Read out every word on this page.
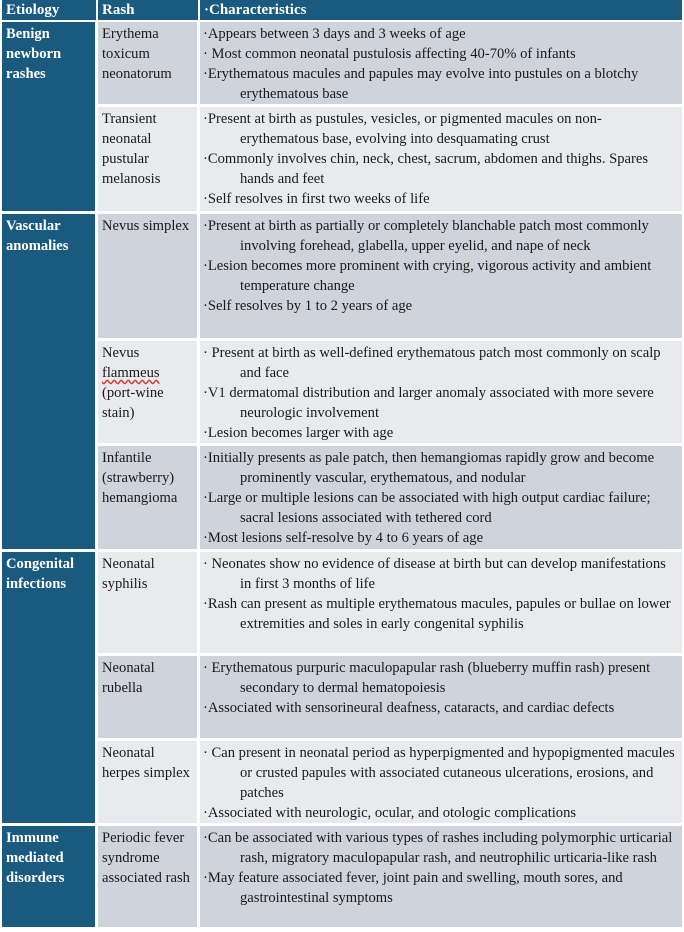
Etiology	Rash	·Characteristics
Benign newborn rashes	Erythema toxicum neonatorum	·Appears between 3 days and 3 weeks of age
· Most common neonatal pustulosis affecting 40-70% of infants
·Erythematous macules and papules may evolve into pustules on a blotchy erythematous base

	Transient neonatal pustular melanosis	·Present at birth as pustules, vesicles, or pigmented macules on non-erythematous base, evolving into desquamating crust
·Commonly involves chin, neck, chest, sacrum, abdomen and thighs. Spares hands and feet
·Self resolves in first two weeks of life

Vascular anomalies	Nevus simplex	·Present at birth as partially or completely blanchable patch most commonly involving forehead, glabella, upper eyelid, and nape of neck
·Lesion becomes more prominent with crying, vigorous activity and ambient temperature change
·Self resolves by 1 to 2 years of age

	Nevus flammeus (port-wine stain)	· Present at birth as well-defined erythematous patch most commonly on scalp and face
·V1 dermatomal distribution and larger anomaly associated with more severe neurologic involvement
·Lesion becomes larger with age

	Infantile (strawberry) hemangioma	·Initially presents as pale patch, then hemangiomas rapidly grow and become prominently vascular, erythematous, and nodular
·Large or multiple lesions can be associated with high output cardiac failure; sacral lesions associated with tethered cord
·Most lesions self-resolve by 4 to 6 years of age

Congenital infections	Neonatal syphilis	· Neonates show no evidence of disease at birth but can develop manifestations in first 3 months of life
·Rash can present as multiple erythematous macules, papules or bullae on lower extremities and soles in early congenital syphilis

	Neonatal rubella	· Erythematous purpuric maculopapular rash (blueberry muffin rash) present secondary to dermal hematopoiesis
·Associated with sensorineural deafness, cataracts, and cardiac defects

	Neonatal herpes simplex	· Can present in neonatal period as hyperpigmented and hypopigmented macules or crusted papules with associated cutaneous ulcerations, erosions, and patches
·Associated with neurologic, ocular, and otologic complications

Immune mediated disorders	Periodic fever syndrome associated rash	·Can be associated with various types of rashes including polymorphic urticarial rash, migratory maculopapular rash, and neutrophilic urticaria-like rash
·May feature associated fever, joint pain and swelling, mouth sores, and gastrointestinal symptoms
